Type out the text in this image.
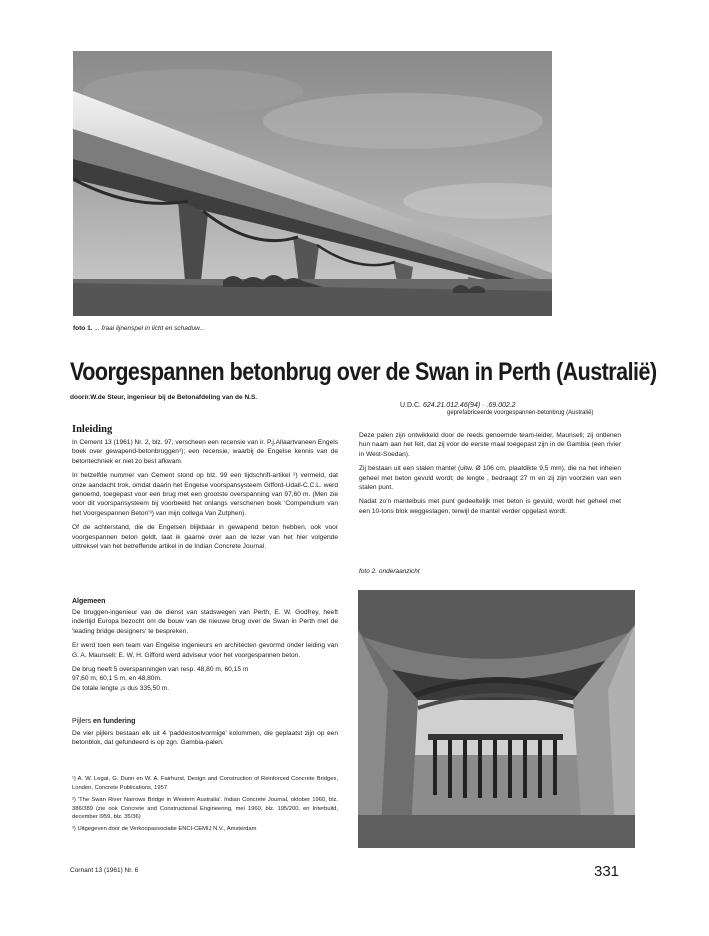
foto 1. ... fraai lijnenspel in licht en schaduw...
Voorgespannen betonbrug over de Swan in Perth (Australië)
doorir.W.de Steur, ingenieur bij de Betonafdeling van de N.S.
U.D.C. 624.21.012.46(94) · .69.002.2
geprefabriceerde voorgespannen-betonbrug (Australië)
Inleiding

In Cement 13 (1961) Nr. 2, blz. 97, verscheen een recensie van ir. P.j.Allaartvaneen Engels boek over gewapend-betonbruggen¹); een recensie, waarbij de Engelse kennis van de betontechniek er niet zo best afkwam.

In hetzelfde nummer van Cement stond op blz. 99 een tijdschrift-artikel ²) vermeld, dat onze aandacht trok, omdat daarin het Engelse voorspansysteem Gifford-Udall-C.C.L. werd genoemd, toegepast voor een brug met een grootste overspanning van 97,60 m. (Men zie voor dit voorspansysteem bij voorbeeld het onlangs verschenen boek 'Compendium van het Voorgespannen Beton'³) van mijn collega Van Zutphen).

Of de achterstand, die de Engelsen blijkbaar in gewapend beton hebben, ook voor voorgespannen beton geldt, laat ik gaarne over aan de lezer van het hier volgende uittreksel van het betreffende artikel in de Indian Concrete Journal.

Algemeen

De bruggen-ingenieur van de dienst van stadswegen van Perth, E. W. Godfrey, heeft indertijd Europa bezocht om de bouw van de nieuwe brug over de Swan in Perth met de 'leading bridge designers' te bespreken.

Er werd toen een team van Engelse ingenieurs en architecten gevormd onder leiding van G. A. Maunsell; E. W. H. Gifford werd adviseur voor het voorgespannen beton.

De brug heeft 5 overspanningen van resp. 48,80 m, 60,15 m

97,60 m, 60,1 5 m, en 48,80m.

De totale lengte ¡s dus 335,50 m.

Pijlers en fundering

De vier pijlers bestaan elk uit 4 'paddestoelvormige' kolommen, die geplaatst zijn op een betonblok, dat gefundeerd is op zgn. Gambia-palen.

¹) A. W. Legat, G. Dunn en W. A. Fairhurst, Design and Construction of Reinforced Concrete Bridges, Londen, Concrete Publications, 1957
²) 'The Swan River Narrows Bridge in Western Australia'. Indian Concrete Journal, oktober 1960, blz. 386/389 (zie ook Concrete and Constructional Engineering, mei 1960, blz. 195/200, en Interbuild, december l959, blz. 35/36)
³) Uitgegeven door de Verkoopassociatie ENCI-CEMIJ N.V., Amsterdam

Deze palen zijn ontwikkeld door de reeds genoemde team-leider, Maunsell; zij ontlenen hun naam aan het feit, dat zij voor de eerste maal toegepast zijn in de Gambia (een rivier in West-Soedan).

Zij bestaan uit een stalen mantel (uitw. Ø 106 cm, plaatdikte 9,5 mm), die na het inheien geheel met beton gevuld wordt; de lengte , bedraagt 27 m en zij zijn voorzien van een stalen punt.

Nadat zo'n mantelbuis met punt gedeeltelijk met beton is gevuld, wordt het geheel met een 10-tons blok weggeslagen, terwijl de mantel verder opgelast wordt.

foto 2. onderaanzicht
Cornant 13 (1961) Nr. 6	331
